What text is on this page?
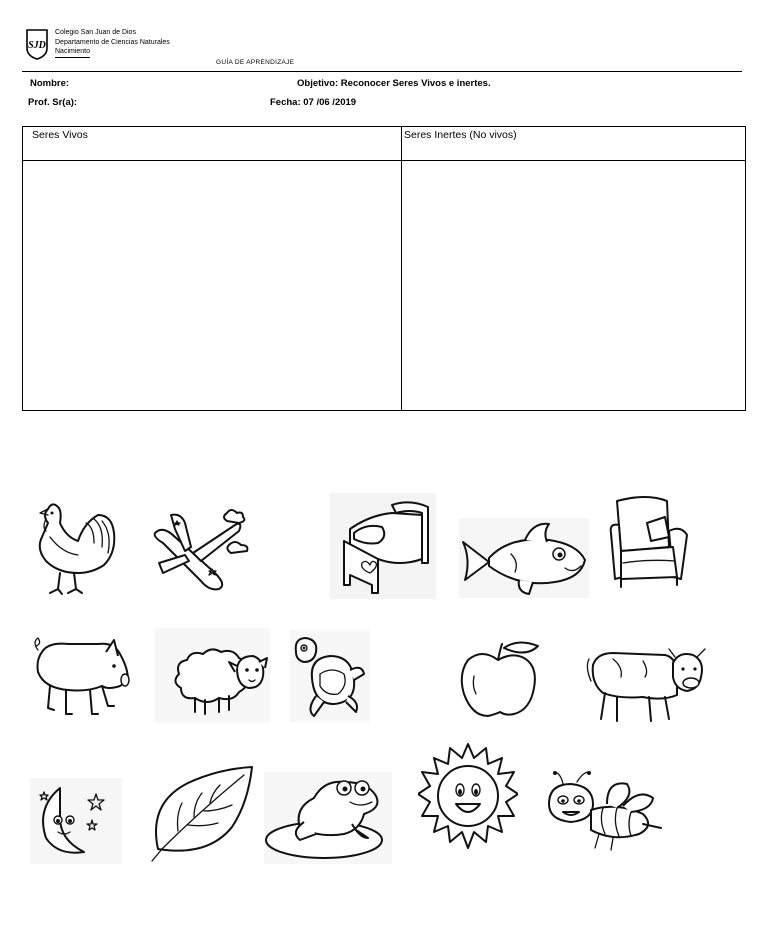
SJD
Colegio San Juan de Dios
Departamento de Ciencias Naturales
Nacimiento
GUÍA DE APRENDIZAJE
Nombre:	Objetivo: Reconocer Seres Vivos e inertes.
Prof. Sr(a):	Fecha: 07 /06 /2019
Seres Vivos	Seres Inertes (No vivos)
